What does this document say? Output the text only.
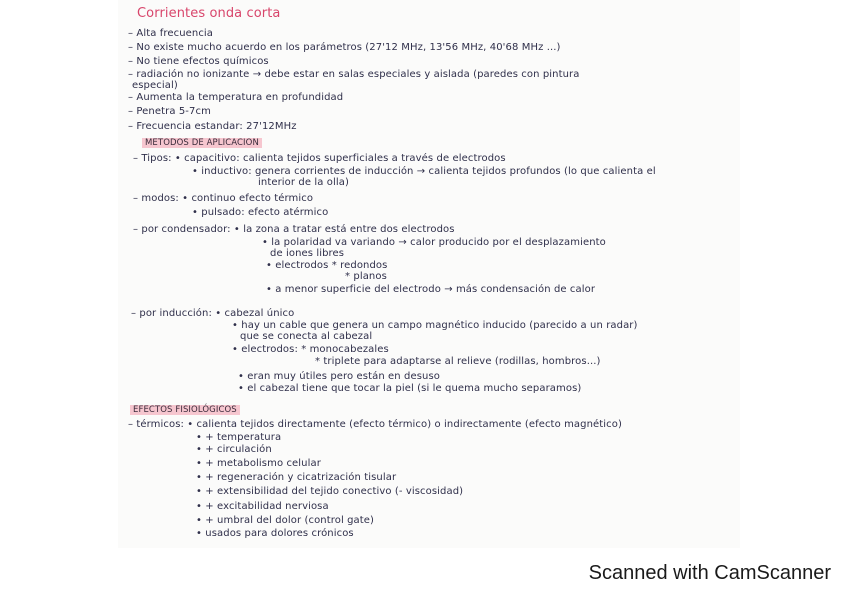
Corrientes onda corta
– Alta frecuencia
– No existe mucho acuerdo en los parámetros (27'12 MHz, 13'56 MHz, 40'68 MHz ...)
– No tiene efectos químicos
– radiación no ionizante → debe estar en salas especiales y aislada (paredes con pintura
especial)
– Aumenta la temperatura en profundidad
– Penetra 5-7cm
– Frecuencia estandar: 27'12MHz
METODOS DE APLICACION
– Tipos: • capacitivo: calienta tejidos superficiales a través de electrodos
• inductivo: genera corrientes de inducción → calienta tejidos profundos (lo que calienta el
interior de la olla)
– modos: • continuo efecto térmico
• pulsado: efecto atérmico
– por condensador: • la zona a tratar está entre dos electrodos
• la polaridad va variando → calor producido por el desplazamiento
de iones libres
• electrodos * redondos
* planos
• a menor superficie del electrodo → más condensación de calor
– por inducción: • cabezal único
• hay un cable que genera un campo magnético inducido (parecido a un radar)
que se conecta al cabezal
• electrodos: * monocabezales
* triplete para adaptarse al relieve (rodillas, hombros...)
• eran muy útiles pero están en desuso
• el cabezal tiene que tocar la piel (si le quema mucho separamos)
EFECTOS FISIOLÓGICOS
– térmicos: • calienta tejidos directamente (efecto térmico) o indirectamente (efecto magnético)
• + temperatura
• + circulación
• + metabolismo celular
• + regeneración y cicatrización tisular
• + extensibilidad del tejido conectivo (- viscosidad)
• + excitabilidad nerviosa
• + umbral del dolor (control gate)
• usados para dolores crónicos
Scanned with CamScanner
